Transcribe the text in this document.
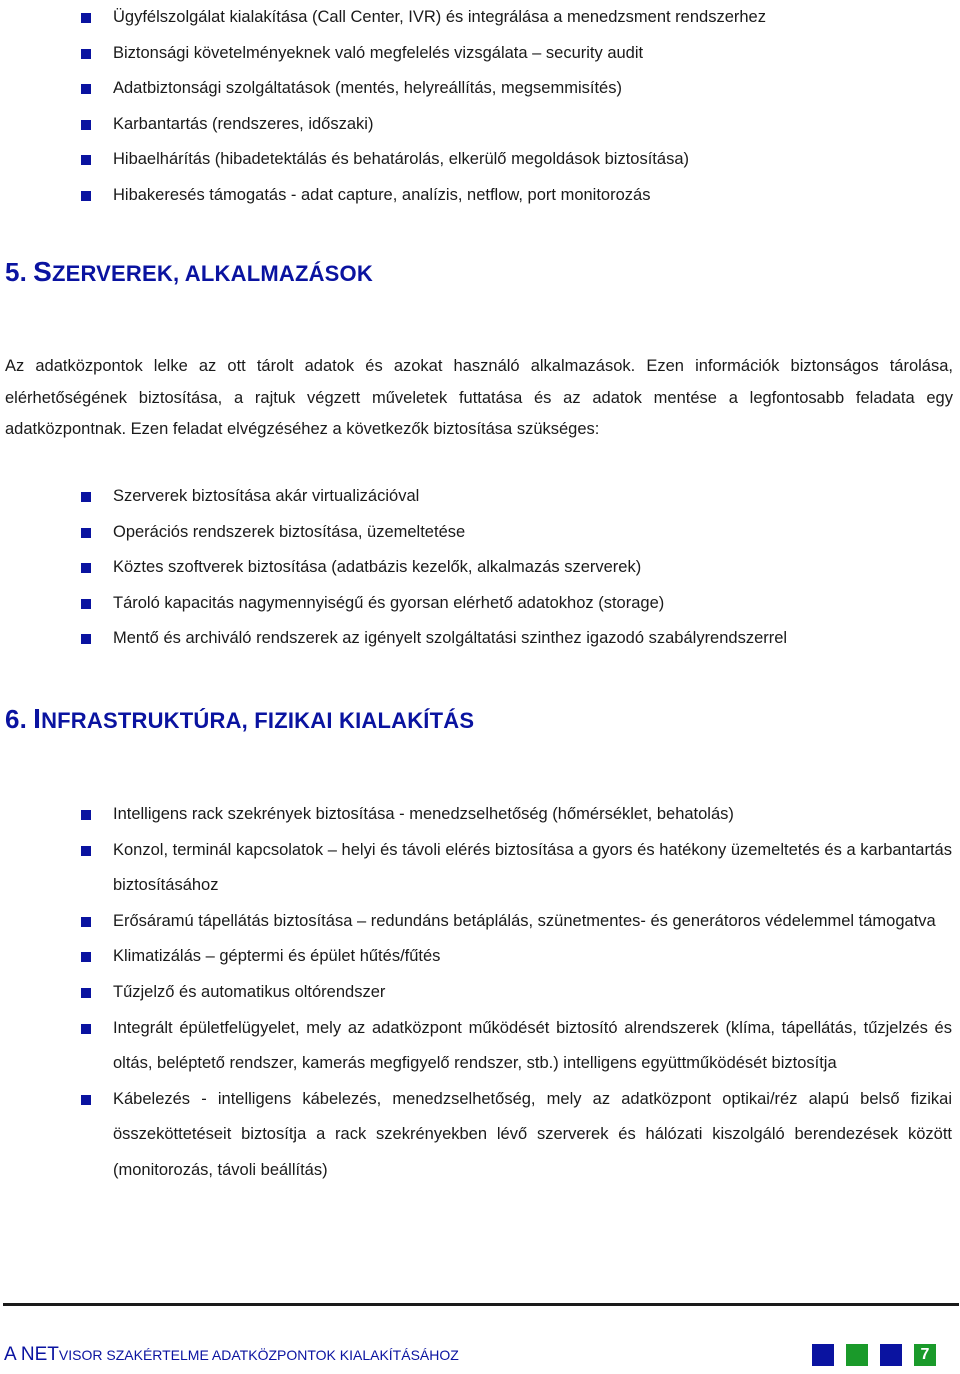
Ügyfélszolgálat kialakítása (Call Center, IVR) és integrálása a menedzsment rendszerhez
Biztonsági követelményeknek való megfelelés vizsgálata – security audit
Adatbiztonsági szolgáltatások (mentés, helyreállítás, megsemmisítés)
Karbantartás (rendszeres, időszaki)
Hibaelhárítás (hibadetektálás és behatárolás, elkerülő megoldások biztosítása)
Hibakeresés támogatás - adat capture, analízis, netflow, port monitorozás
5. SZERVEREK, ALKALMAZÁSOK

Az adatközpontok lelke az ott tárolt adatok és azokat használó alkalmazások. Ezen információk biztonságos tárolása, elérhetőségének biztosítása, a rajtuk végzett műveletek futtatása és az adatok mentése a legfontosabb feladata egy adatközpontnak. Ezen feladat elvégzéséhez a következők biztosítása szükséges:

Szerverek biztosítása akár virtualizációval
Operációs rendszerek biztosítása, üzemeltetése
Köztes szoftverek biztosítása (adatbázis kezelők, alkalmazás szerverek)
Tároló kapacitás nagymennyiségű és gyorsan elérhető adatokhoz (storage)
Mentő és archiváló rendszerek az igényelt szolgáltatási szinthez igazodó szabályrendszerrel
6. INFRASTRUKTÚRA, FIZIKAI KIALAKÍTÁS
Intelligens rack szekrények biztosítása - menedzselhetőség (hőmérséklet, behatolás)
Konzol, terminál kapcsolatok – helyi és távoli elérés biztosítása a gyors és hatékony üzemeltetés és a karbantartás biztosításához
Erősáramú tápellátás biztosítása – redundáns betáplálás, szünetmentes- és generátoros védelemmel támogatva
Klimatizálás – géptermi és épület hűtés/fűtés
Tűzjelző és automatikus oltórendszer
Integrált épületfelügyelet, mely az adatközpont működését biztosító alrendszerek (klíma, tápellátás, tűzjelzés és oltás, beléptető rendszer, kamerás megfigyelő rendszer, stb.) intelligens együttműködését biztosítja
Kábelezés - intelligens kábelezés, menedzselhetőség, mely az adatközpont optikai/réz alapú belső fizikai összeköttetéseit biztosítja a rack szekrényekben lévő szerverek és hálózati kiszolgáló berendezések között (monitorozás, távoli beállítás)
A NETVISOR SZAKÉRTELME ADATKÖZPONTOK KIALAKÍTÁSÁHOZ	7
